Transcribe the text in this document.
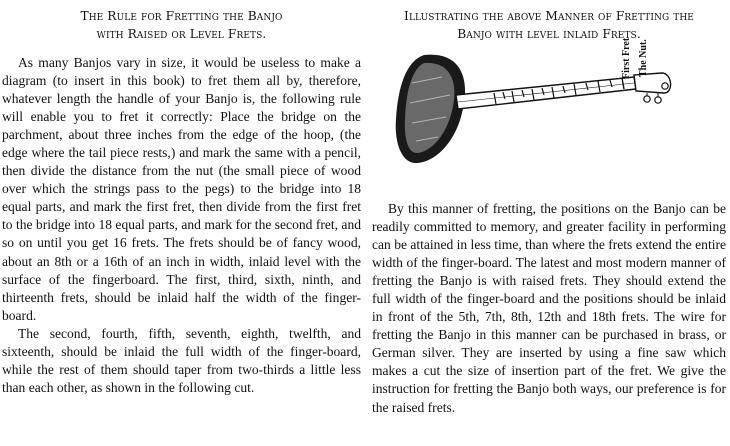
The Rule for Fretting the Banjo
with Raised or Level Frets.

As many Banjos vary in size, it would be useless to make a diagram (to insert in this book) to fret them all by, therefore, whatever length the handle of your Banjo is, the following rule will enable you to fret it correctly: Place the bridge on the parchment, about three inches from the edge of the hoop, (the edge where the tail piece rests,) and mark the same with a pencil, then divide the distance from the nut (the small piece of wood over which the strings pass to the pegs) to the bridge into 18 equal parts, and mark the first fret, then divide from the first fret to the bridge into 18 equal parts, and mark for the second fret, and so on until you get 16 frets. The frets should be of fancy wood, about an 8th or a 16th of an inch in width, inlaid level with the surface of the fingerboard. The first, third, sixth, ninth, and thirteenth frets, should be inlaid half the width of the finger-board.

The second, fourth, fifth, seventh, eighth, twelfth, and sixteenth, should be inlaid the full width of the finger-board, while the rest of them should taper from two-thirds a little less than each other, as shown in the following cut.

Illustrating the above Manner of Fretting the
Banjo with level inlaid Frets.
First Fret The Nut.

By this manner of fretting, the positions on the Banjo can be readily committed to memory, and greater facility in performing can be attained in less time, than where the frets extend the entire width of the finger-board. The latest and most modern manner of fretting the Banjo is with raised frets. They should extend the full width of the finger-board and the positions should be inlaid in front of the 5th, 7th, 8th, 12th and 18th frets. The wire for fretting the Banjo in this manner can be purchased in brass, or German silver. They are inserted by using a fine saw which makes a cut the size of insertion part of the fret. We give the instruction for fretting the Banjo both ways, our preference is for the raised frets.
